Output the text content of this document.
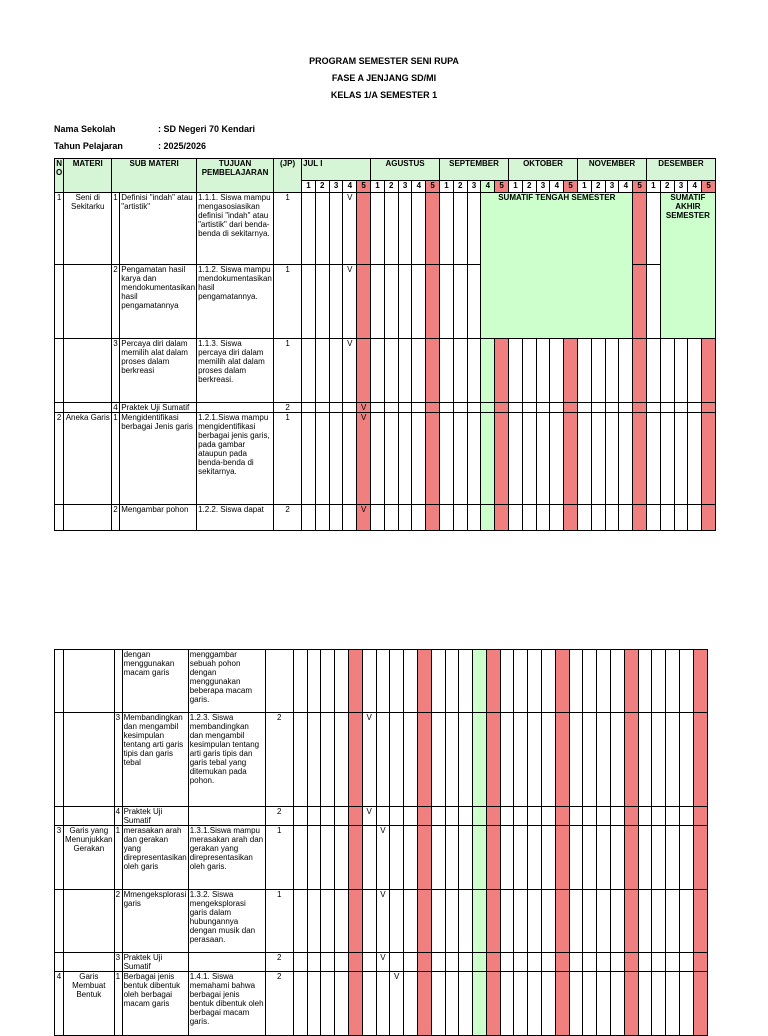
PROGRAM SEMESTER SENI RUPA
FASE A JENJANG SD/MI
KELAS 1/A SEMESTER 1
Nama Sekolah	: SD Negeri 70 Kendari
Tahun Pelajaran	: 2025/2026
N O	MATERI	SUB MATERI		TUJUAN PEMBELAJARAN	(JP)	JUL I					AGUSTUS					SEPTEMBER					OKTOBER					NOVEMBER					DESEMBER				
						1	2	3	4	5	1	2	3	4	5	1	2	3	4	5	1	2	3	4	5	1	2	3	4	5	1	2	3	4	5
1	Seni di Sekitarku	1	Definisi "indah" atau "artistik"	1.1.1. Siswa mampu mengasosiasikan definisi "indah" atau "artistik" dari benda-benda di sekitarnya.	1				V										SUMATIF TENGAH SEMESTER													SUMATIF AKHIR SEMESTER			
		2	Pengamatan hasil karya dan mendokumentasikan hasil pengamatannya	1.1.2. Siswa mampu mendokumentasikan hasil pengamatannya.	1				V																										
		3	Percaya diri dalam memilih alat dalam proses dalam berkreasi	1.1.3. Siswa percaya diri dalam memilih alat dalam proses dalam berkreasi.	1				V																										
		4	Praktek Uji Sumatif		2					V																									
2	Aneka Garis	1	Mengidentifikasi berbagai Jenis garis	1.2.1.Siswa mampu mengidentifikasi berbagai jenis garis, pada gambar ataupun pada benda-benda di sekitarnya.	1					V																									
		2	Mengambar pohon	1.2.2. Siswa dapat	2					V																									
			dengan menggunakan macam garis	menggambar sebuah pohon dengan menggunakan beberapa macam garis.																															
		3	Membandingkan dan mengambil kesimpulan tentang arti garis tipis dan garis tebal	1.2.3. Siswa membandingkan dan mengambil kesimpulan tentang arti garis tipis dan garis tebal yang ditemukan pada pohon.	2						V																								
		4	Praktek Uji Sumatif		2						V																								
3	Garis yang Menunjukkan Gerakan	1	merasakan arah dan gerakan yang direpresentasikan oleh garis	1.3.1.Siswa mampu merasakan arah dan gerakan yang direpresentasikan oleh garis.	1							V																							
		2	Mmengeksplorasi garis	1.3.2. Siswa mengeksplorasi garis dalam hubungannya dengan musik dan perasaan.	1							V																							
		3	Praktek Uji Sumatif		2							V																							
4	Garis Membuat Bentuk	1	Berbagai jenis bentuk dibentuk oleh berbagai macam garis	1.4.1. Siswa memahami bahwa berbagai jenis bentuk dibentuk oleh berbagai macam garis.	2								V																						
